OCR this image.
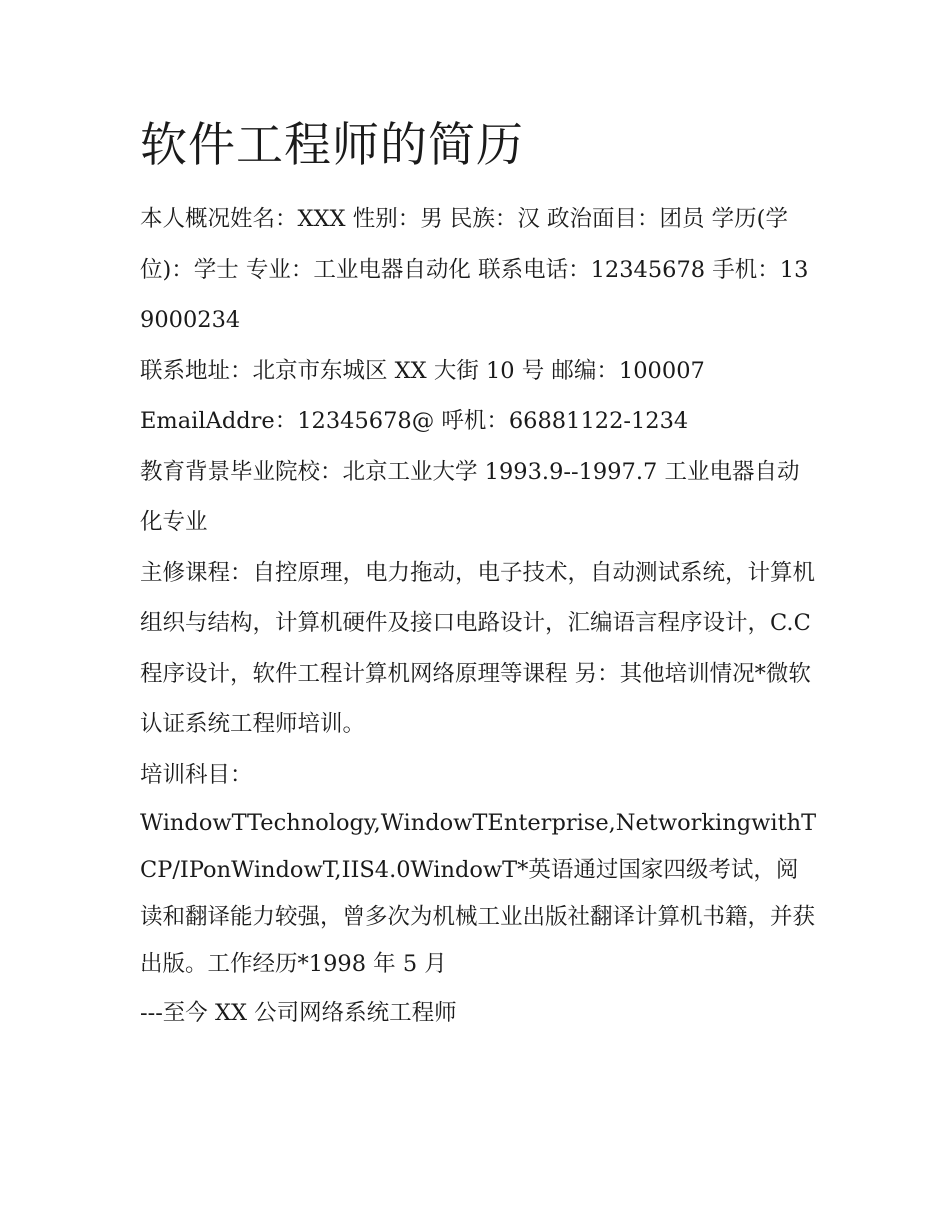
软件工程师的简历

本人概况姓名：XXX 性别：男 民族：汉 政治面目：团员 学历(学位)：学士 专业：工业电器自动化 联系电话：12345678 手机：139000234

联系地址：北京市东城区 XX 大街 10 号 邮编：100007

EmailAddre：12345678@ 呼机：66881122-1234

教育背景毕业院校：北京工业大学 1993.9--1997.7 工业电器自动化专业

主修课程：自控原理，电力拖动，电子技术，自动测试系统，计算机组织与结构，计算机硬件及接口电路设计，汇编语言程序设计，C.C

程序设计，软件工程计算机网络原理等课程 另：其他培训情况*微软认证系统工程师培训。

培训科目：

WindowTTechnology,WindowTEnterprise,NetworkingwithTCP/IPonWindowT,IIS4.0WindowT*英语通过国家四级考试，阅读和翻译能力较强，曾多次为机械工业出版社翻译计算机书籍，并获出版。工作经历*1998 年 5 月

---至今 XX 公司网络系统工程师
